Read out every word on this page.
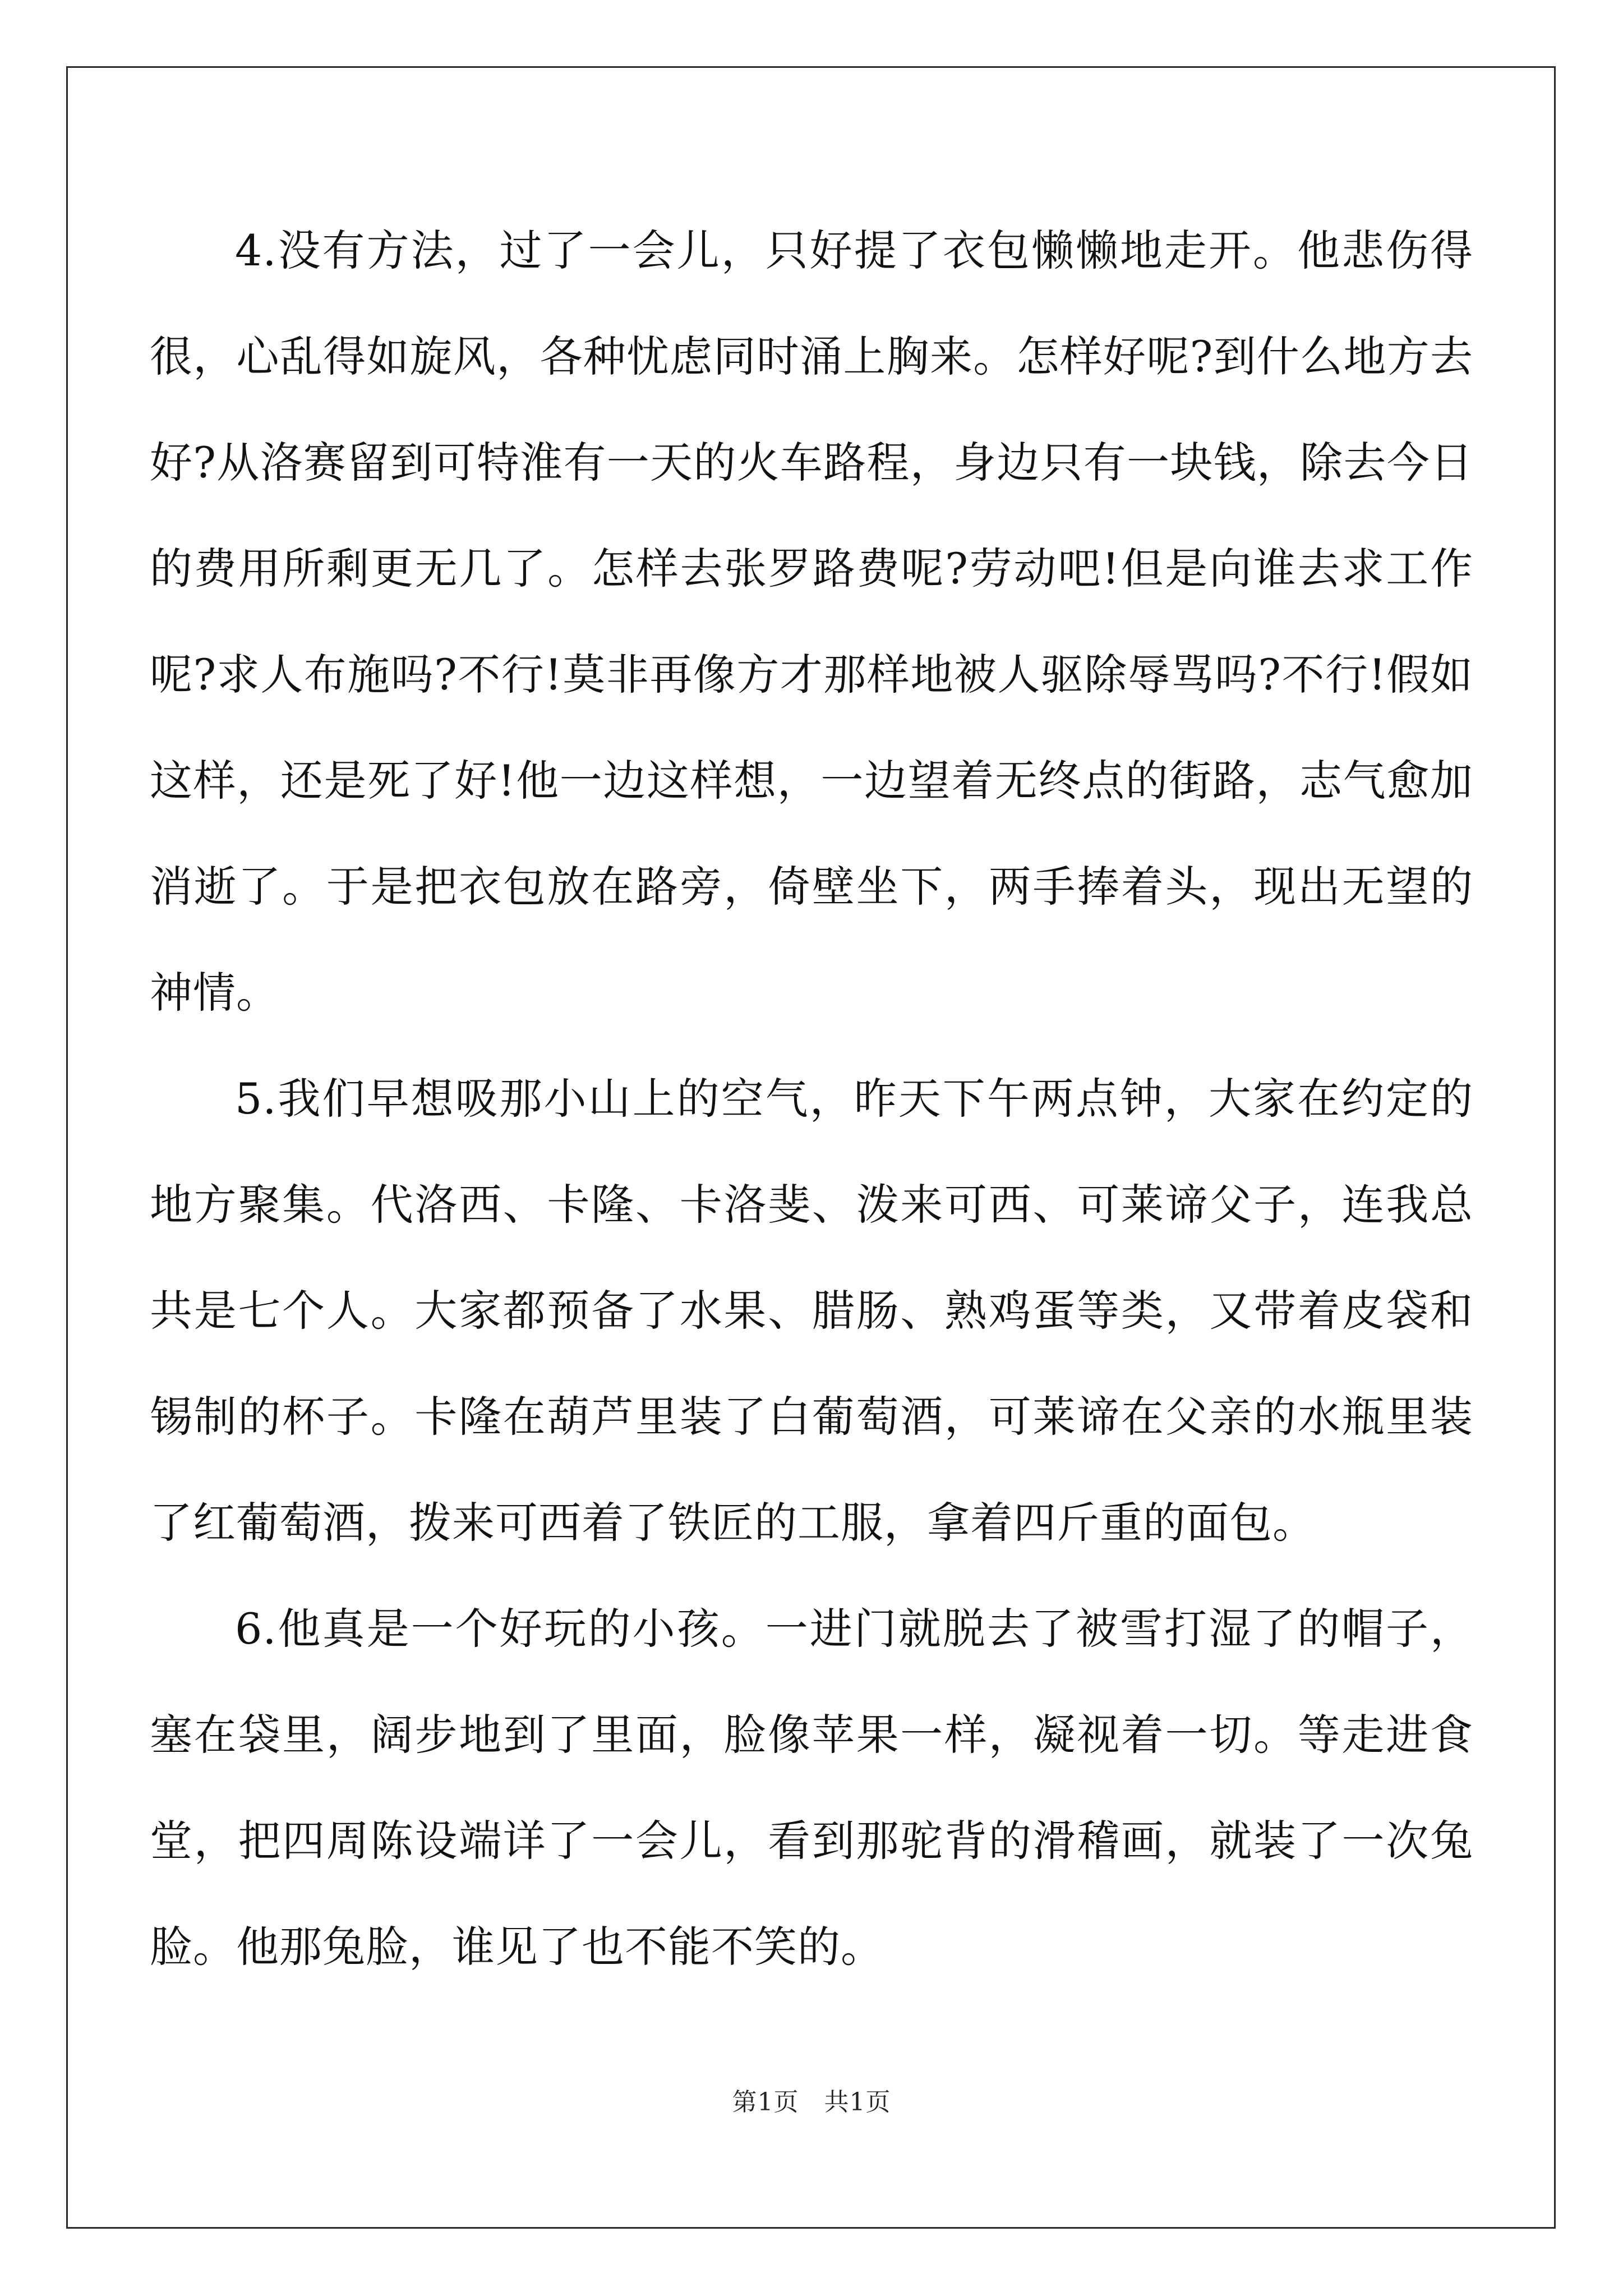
4.没有方法，过了一会儿，只好提了衣包懒懒地走开。他悲伤得很，心乱得如旋风，各种忧虑同时涌上胸来。怎样好呢?到什么地方去好?从洛赛留到可特淮有一天的火车路程，身边只有一块钱，除去今日的费用所剩更无几了。怎样去张罗路费呢?劳动吧!但是向谁去求工作呢?求人布施吗?不行!莫非再像方才那样地被人驱除辱骂吗?不行!假如这样，还是死了好!他一边这样想，一边望着无终点的街路，志气愈加消逝了。于是把衣包放在路旁，倚壁坐下，两手捧着头，现出无望的神情。

5.我们早想吸那小山上的空气，昨天下午两点钟，大家在约定的地方聚集。代洛西、卡隆、卡洛斐、泼来可西、可莱谛父子，连我总共是七个人。大家都预备了水果、腊肠、熟鸡蛋等类，又带着皮袋和锡制的杯子。卡隆在葫芦里装了白葡萄酒，可莱谛在父亲的水瓶里装了红葡萄酒，拨来可西着了铁匠的工服，拿着四斤重的面包。

6.他真是一个好玩的小孩。一进门就脱去了被雪打湿了的帽子，塞在袋里，阔步地到了里面，脸像苹果一样，凝视着一切。等走进食堂，把四周陈设端详了一会儿，看到那驼背的滑稽画，就装了一次兔脸。他那兔脸，谁见了也不能不笑的。

第1页　共1页
